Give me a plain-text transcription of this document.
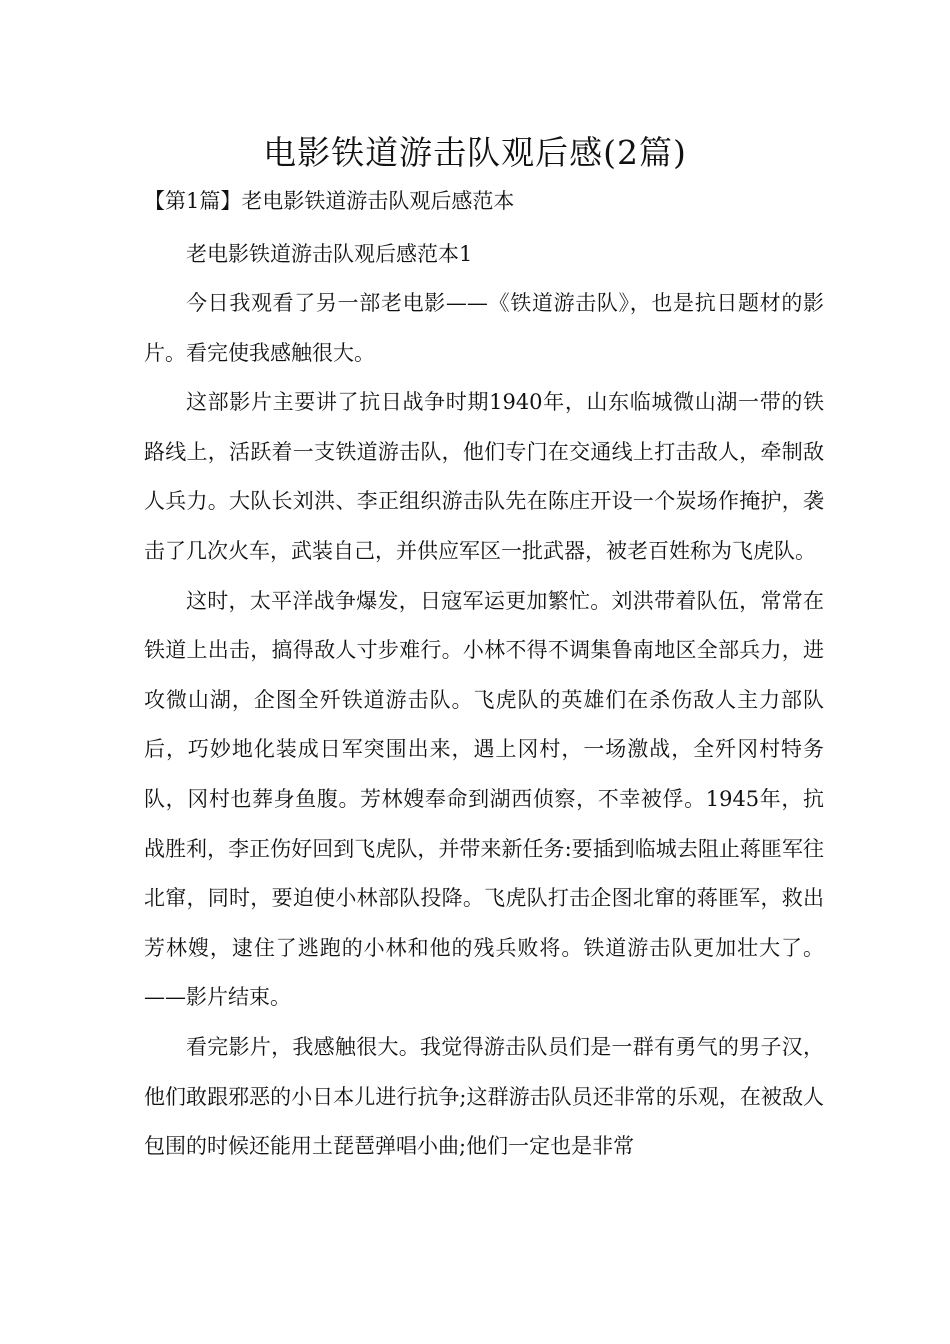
电影铁道游击队观后感(2篇)
【第1篇】老电影铁道游击队观后感范本

老电影铁道游击队观后感范本1

今日我观看了另一部老电影——《铁道游击队》，也是抗日题材的影片。看完使我感触很大。

这部影片主要讲了抗日战争时期1940年，山东临城微山湖一带的铁路线上，活跃着一支铁道游击队，他们专门在交通线上打击敌人，牵制敌人兵力。大队长刘洪、李正组织游击队先在陈庄开设一个炭场作掩护，袭击了几次火车，武装自己，并供应军区一批武器，被老百姓称为飞虎队。

这时，太平洋战争爆发，日寇军运更加繁忙。刘洪带着队伍，常常在铁道上出击，搞得敌人寸步难行。小林不得不调集鲁南地区全部兵力，进攻微山湖，企图全歼铁道游击队。飞虎队的英雄们在杀伤敌人主力部队后，巧妙地化装成日军突围出来，遇上冈村，一场激战，全歼冈村特务队，冈村也葬身鱼腹。芳林嫂奉命到湖西侦察，不幸被俘。1945年，抗战胜利，李正伤好回到飞虎队，并带来新任务:要插到临城去阻止蒋匪军往北窜，同时，要迫使小林部队投降。飞虎队打击企图北窜的蒋匪军，救出芳林嫂，逮住了逃跑的小林和他的残兵败将。铁道游击队更加壮大了。——影片结束。

看完影片，我感触很大。我觉得游击队员们是一群有勇气的男子汉，他们敢跟邪恶的小日本儿进行抗争;这群游击队员还非常的乐观，在被敌人包围的时候还能用土琵琶弹唱小曲;他们一定也是非常
